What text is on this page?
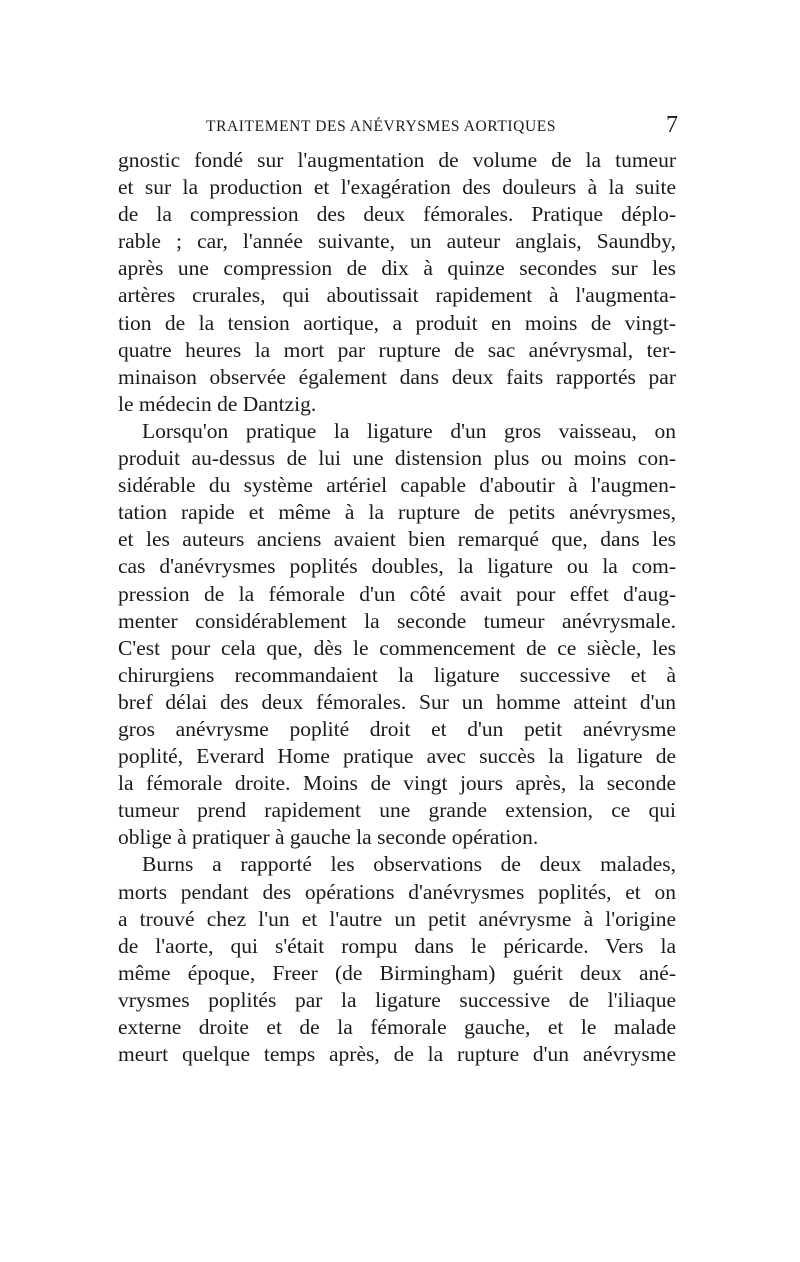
TRAITEMENT DES ANÉVRYSMES AORTIQUES	7
gnostic fondé sur l'augmentation de volume de la tumeur
et sur la production et l'exagération des douleurs à la suite
de la compression des deux fémorales. Pratique déplo-
rable ; car, l'année suivante, un auteur anglais, Saundby,
après une compression de dix à quinze secondes sur les
artères crurales, qui aboutissait rapidement à l'augmenta-
tion de la tension aortique, a produit en moins de vingt-
quatre heures la mort par rupture de sac anévrysmal, ter-
minaison observée également dans deux faits rapportés par
le médecin de Dantzig.
Lorsqu'on pratique la ligature d'un gros vaisseau, on
produit au-dessus de lui une distension plus ou moins con-
sidérable du système artériel capable d'aboutir à l'augmen-
tation rapide et même à la rupture de petits anévrysmes,
et les auteurs anciens avaient bien remarqué que, dans les
cas d'anévrysmes poplités doubles, la ligature ou la com-
pression de la fémorale d'un côté avait pour effet d'aug-
menter considérablement la seconde tumeur anévrysmale.
C'est pour cela que, dès le commencement de ce siècle, les
chirurgiens recommandaient la ligature successive et à
bref délai des deux fémorales. Sur un homme atteint d'un
gros anévrysme poplité droit et d'un petit anévrysme
poplité, Everard Home pratique avec succès la ligature de
la fémorale droite. Moins de vingt jours après, la seconde
tumeur prend rapidement une grande extension, ce qui
oblige à pratiquer à gauche la seconde opération.
Burns a rapporté les observations de deux malades,
morts pendant des opérations d'anévrysmes poplités, et on
a trouvé chez l'un et l'autre un petit anévrysme à l'origine
de l'aorte, qui s'était rompu dans le péricarde. Vers la
même époque, Freer (de Birmingham) guérit deux ané-
vrysmes poplités par la ligature successive de l'iliaque
externe droite et de la fémorale gauche, et le malade
meurt quelque temps après, de la rupture d'un anévrysme
